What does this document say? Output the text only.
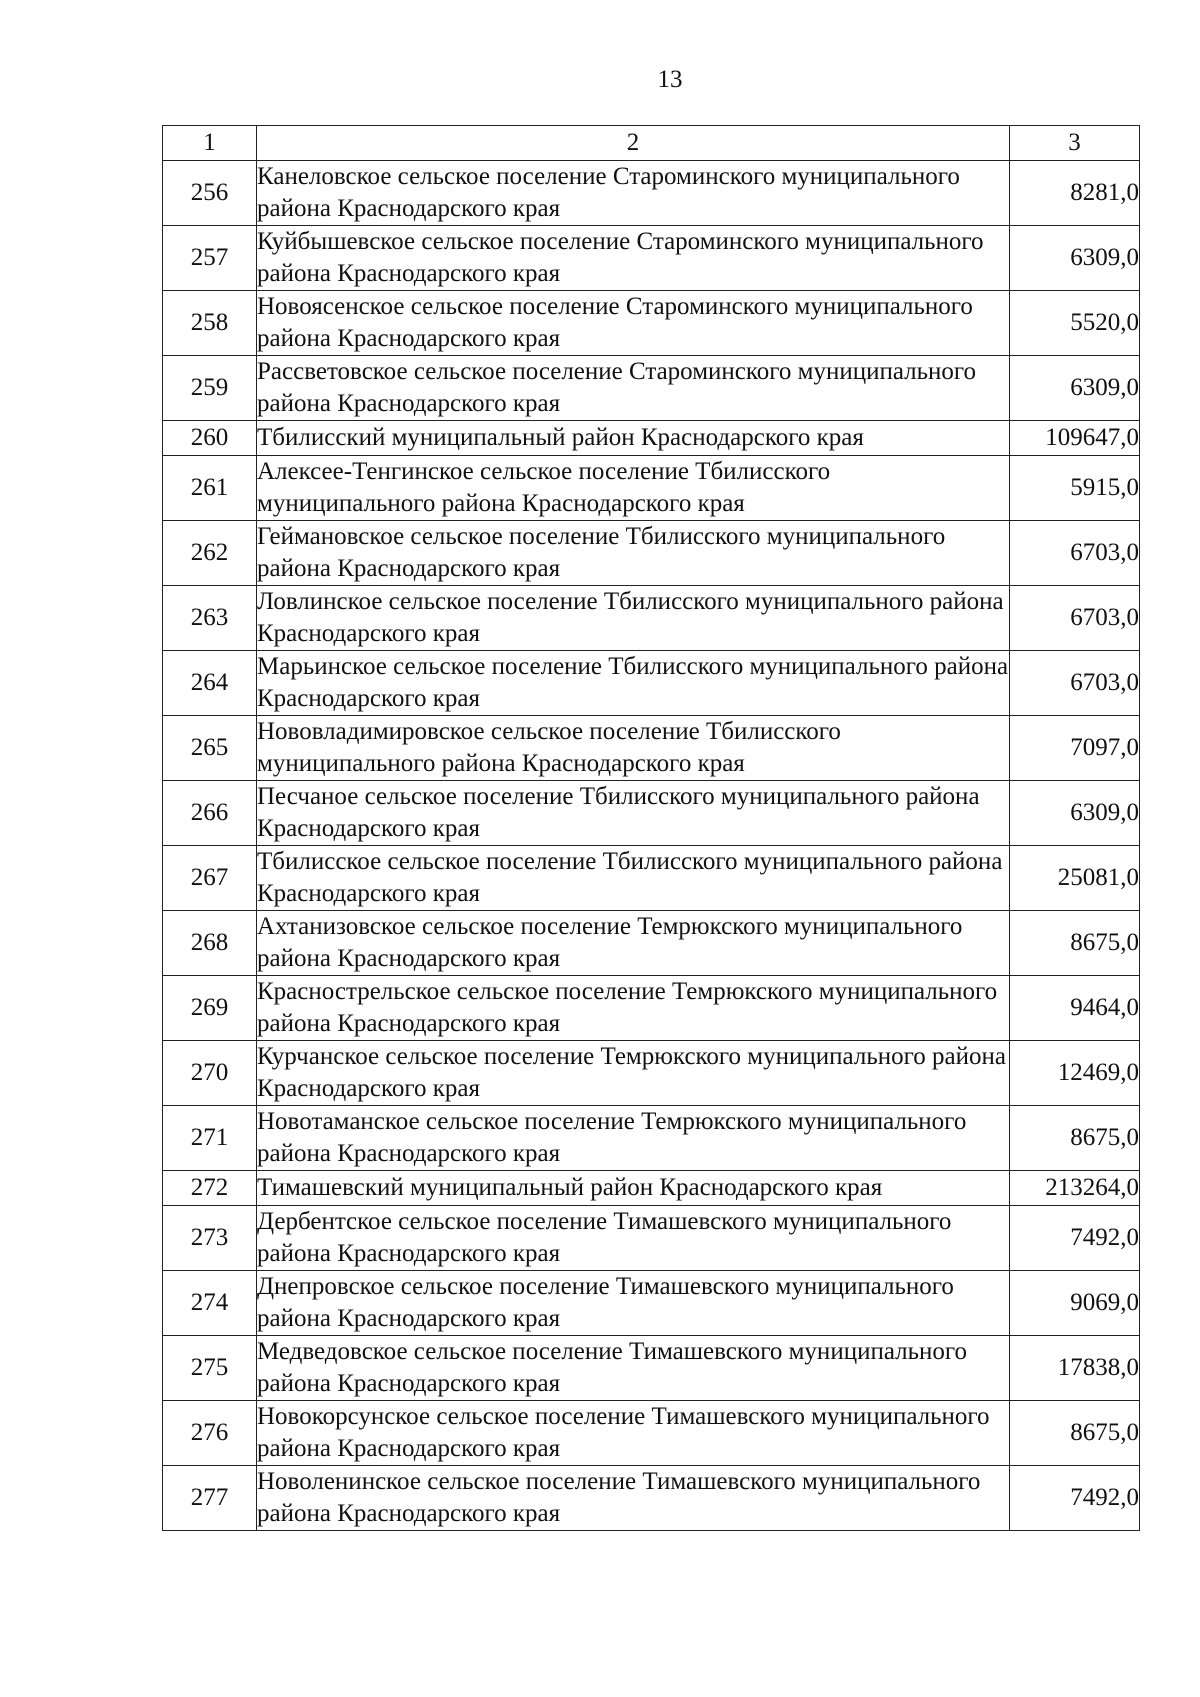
13
1	2	3
256	Канеловское сельское поселение Староминского муниципального района Краснодарского края	8281,0
257	Куйбышевское сельское поселение Староминского муниципального района Краснодарского края	6309,0
258	Новоясенское сельское поселение Староминского муниципального района Краснодарского края	5520,0
259	Рассветовское сельское поселение Староминского муниципального района Краснодарского края	6309,0
260	Тбилисский муниципальный район Краснодарского края	109647,0
261	Алексее-Тенгинское сельское поселение Тбилисского муниципального района Краснодарского края	5915,0
262	Геймановское сельское поселение Тбилисского муниципального района Краснодарского края	6703,0
263	Ловлинское сельское поселение Тбилисского муниципального района Краснодарского края	6703,0
264	Марьинское сельское поселение Тбилисского муниципального района Краснодарского края	6703,0
265	Нововладимировское сельское поселение Тбилисского муниципального района Краснодарского края	7097,0
266	Песчаное сельское поселение Тбилисского муниципального района Краснодарского края	6309,0
267	Тбилисское сельское поселение Тбилисского муниципального района Краснодарского края	25081,0
268	Ахтанизовское сельское поселение Темрюкского муниципального района Краснодарского края	8675,0
269	Краснострельское сельское поселение Темрюкского муниципального района Краснодарского края	9464,0
270	Курчанское сельское поселение Темрюкского муниципального района Краснодарского края	12469,0
271	Новотаманское сельское поселение Темрюкского муниципального района Краснодарского края	8675,0
272	Тимашевский муниципальный район Краснодарского края	213264,0
273	Дербентское сельское поселение Тимашевского муниципального района Краснодарского края	7492,0
274	Днепровское сельское поселение Тимашевского муниципального района Краснодарского края	9069,0
275	Медведовское сельское поселение Тимашевского муниципального района Краснодарского края	17838,0
276	Новокорсунское сельское поселение Тимашевского муниципального района Краснодарского края	8675,0
277	Новоленинское сельское поселение Тимашевского муниципального района Краснодарского края	7492,0
